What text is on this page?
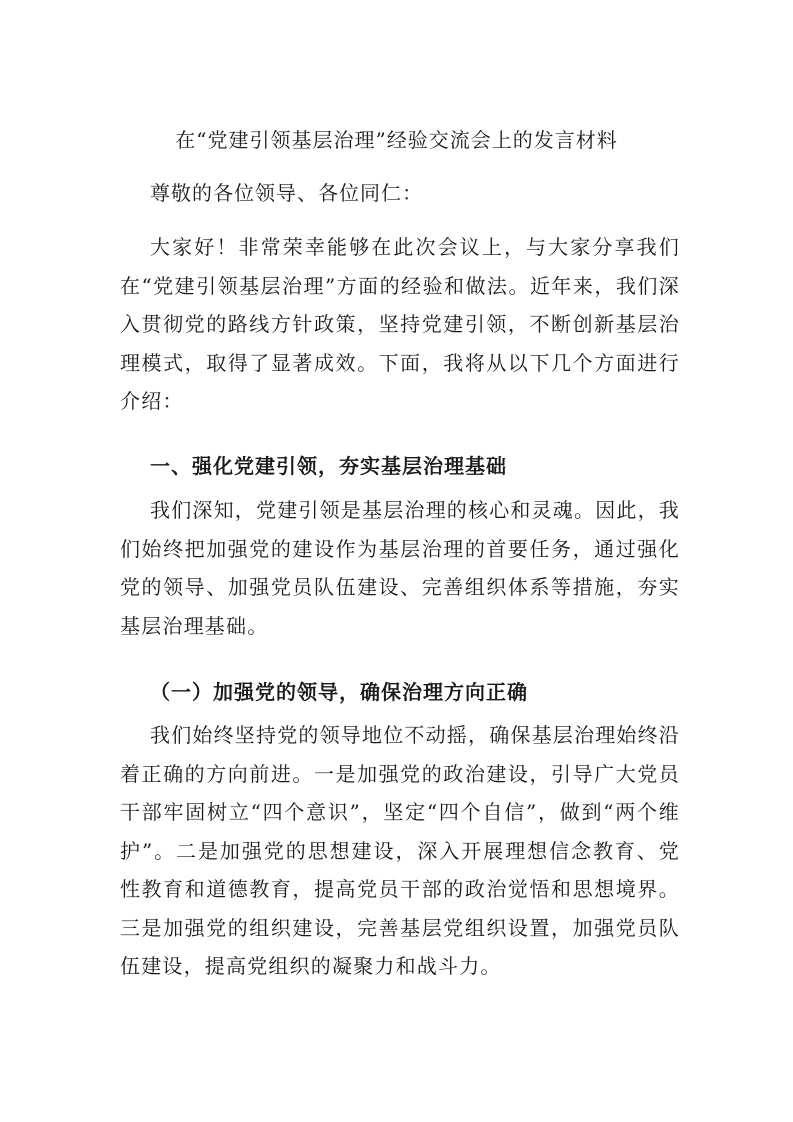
在“党建引领基层治理”经验交流会上的发言材料
尊敬的各位领导、各位同仁：

大家好！非常荣幸能够在此次会议上，与大家分享我们在“党建引领基层治理”方面的经验和做法。近年来，我们深入贯彻党的路线方针政策，坚持党建引领，不断创新基层治理模式，取得了显著成效。下面，我将从以下几个方面进行介绍：

一、强化党建引领，夯实基层治理基础

我们深知，党建引领是基层治理的核心和灵魂。因此，我们始终把加强党的建设作为基层治理的首要任务，通过强化党的领导、加强党员队伍建设、完善组织体系等措施，夯实基层治理基础。

（一）加强党的领导，确保治理方向正确

我们始终坚持党的领导地位不动摇，确保基层治理始终沿着正确的方向前进。一是加强党的政治建设，引导广大党员干部牢固树立“四个意识”，坚定“四个自信”，做到“两个维护”。二是加强党的思想建设，深入开展理想信念教育、党性教育和道德教育，提高党员干部的政治觉悟和思想境界。三是加强党的组织建设，完善基层党组织设置，加强党员队伍建设，提高党组织的凝聚力和战斗力。
